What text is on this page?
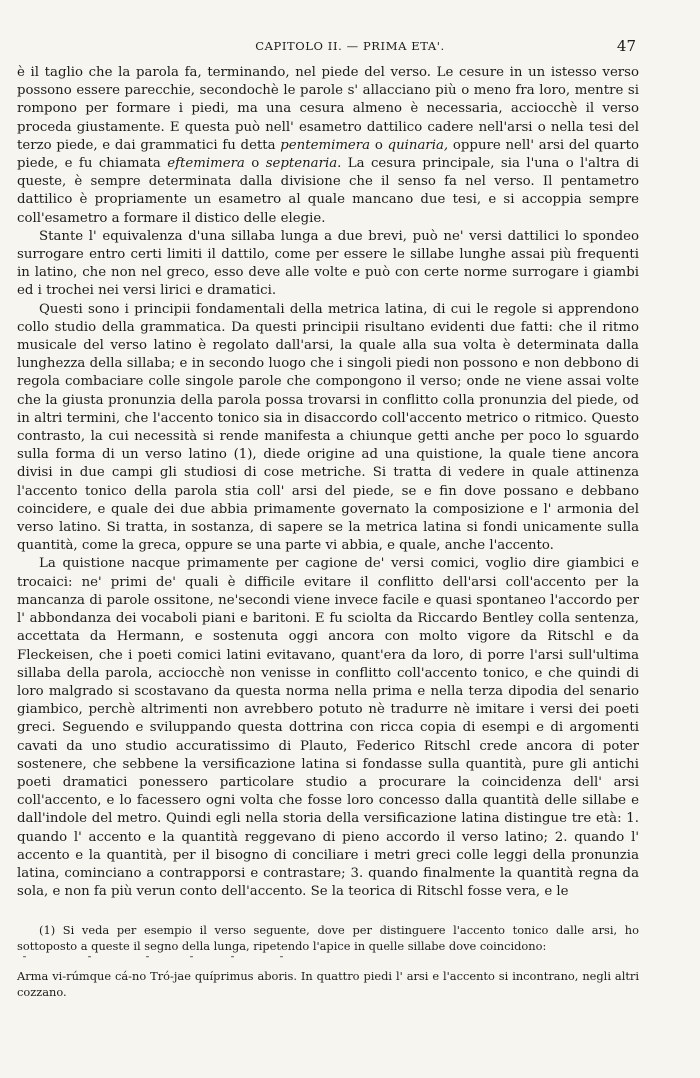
CAPITOLO II. — PRIMA ETA'.	47

è il taglio che la parola fa, terminando, nel piede del verso. Le cesure in un istesso verso possono essere parecchie, secondochè le parole s' allacciano più o meno fra loro, mentre si rompono per formare i piedi, ma una cesura almeno è necessaria, acciocchè il verso proceda giustamente. E questa può nell' esametro dattilico cadere nell'arsi o nella tesi del terzo piede, e dai grammatici fu detta pentemimera o quinaria, oppure nell' arsi del quarto piede, e fu chiamata eftemimera o septenaria. La cesura principale, sia l'una o l'altra di queste, è sempre determinata dalla divisione che il senso fa nel verso. Il pentametro dattilico è propriamente un esametro al quale mancano due tesi, e si accoppia sempre coll'esametro a formare il distico delle elegie.

Stante l' equivalenza d'una sillaba lunga a due brevi, può ne' versi dattilici lo spondeo surrogare entro certi limiti il dattilo, come per essere le sillabe lunghe assai più frequenti in latino, che non nel greco, esso deve alle volte e può con certe norme surrogare i giambi ed i trochei nei versi lirici e dramatici.

Questi sono i principii fondamentali della metrica latina, di cui le regole si apprendono collo studio della grammatica. Da questi principii risultano evidenti due fatti: che il ritmo musicale del verso latino è regolato dall'arsi, la quale alla sua volta è determinata dalla lunghezza della sillaba; e in secondo luogo che i singoli piedi non possono e non debbono di regola combaciare colle singole parole che compongono il verso; onde ne viene assai volte che la giusta pronunzia della parola possa trovarsi in conflitto colla pronunzia del piede, od in altri termini, che l'accento tonico sia in disaccordo coll'accento metrico o ritmico. Questo contrasto, la cui necessità si rende manifesta a chiunque getti anche per poco lo sguardo sulla forma di un verso latino (1), diede origine ad una quistione, la quale tiene ancora divisi in due campi gli studiosi di cose metriche. Si tratta di vedere in quale attinenza l'accento tonico della parola stia coll' arsi del piede, se e fin dove possano e debbano coincidere, e quale dei due abbia primamente governato la composizione e l' armonia del verso latino. Si tratta, in sostanza, di sapere se la metrica latina si fondi unicamente sulla quantità, come la greca, oppure se una parte vi abbia, e quale, anche l'accento.

La quistione nacque primamente per cagione de' versi comici, voglio dire giambici e trocaici: ne' primi de' quali è difficile evitare il conflitto dell'arsi coll'accento per la mancanza di parole ossitone, ne'secondi viene invece facile e quasi spontaneo l'accordo per l' abbondanza dei vocaboli piani e baritoni. E fu sciolta da Riccardo Bentley colla sentenza, accettata da Hermann, e sostenuta oggi ancora con molto vigore da Ritschl e da Fleckeisen, che i poeti comici latini evitavano, quant'era da loro, di porre l'arsi sull'ultima sillaba della parola, acciocchè non venisse in conflitto coll'accento tonico, e che quindi di loro malgrado si scostavano da questa norma nella prima e nella terza dipodia del senario giambico, perchè altrimenti non avrebbero potuto nè tradurre nè imitare i versi dei poeti greci. Seguendo e sviluppando questa dottrina con ricca copia di esempi e di argomenti cavati da uno studio accuratissimo di Plauto, Federico Ritschl crede ancora di poter sostenere, che sebbene la versificazione latina si fondasse sulla quantità, pure gli antichi poeti dramatici ponessero particolare studio a procurare la coincidenza dell' arsi coll'accento, e lo facessero ogni volta che fosse loro concesso dalla quantità delle sillabe e dall'indole del metro. Quindi egli nella storia della versificazione latina distingue tre età: 1. quando l' accento e la quantità reggevano di pieno accordo il verso latino; 2. quando l' accento e la quantità, per il bisogno di conciliare i metri greci colle leggi della pronunzia latina, cominciano a contrapporsi e contrastare; 3. quando finalmente la quantità regna da sola, e non fa più verun conto dell'accento. Se la teorica di Ritschl fosse vera, e le

(1) Si veda per esempio il verso seguente, dove per distinguere l'accento tonico dalle arsi, ho sottoposto a queste il segno della lunga, ripetendo l'apice in quelle sillabe dove coincidono:

¯	¯	¯	¯	¯	¯
Arma vi-rúmque cá-no Tró-jae quíprimus aboris. In quattro piedi l' arsi e l'accento si incontrano, negli altri cozzano.
